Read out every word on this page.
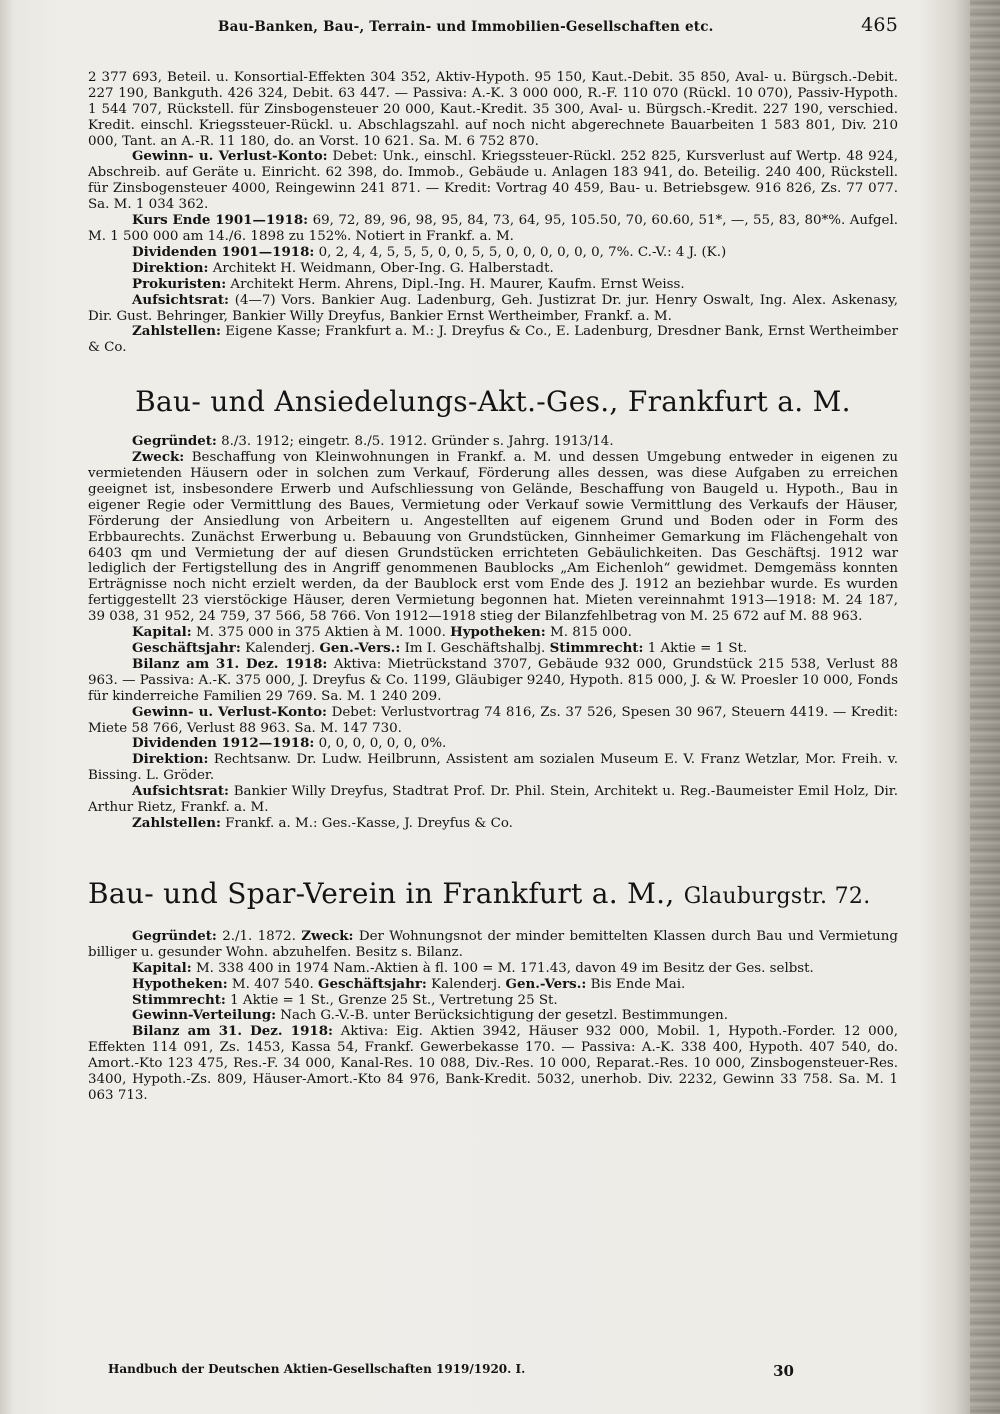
Bau-Banken, Bau-, Terrain- und Immobilien-Gesellschaften etc.	465

2 377 693, Beteil. u. Konsortial-Effekten 304 352, Aktiv-Hypoth. 95 150, Kaut.-Debit. 35 850, Aval- u. Bürgsch.-Debit. 227 190, Bankguth. 426 324, Debit. 63 447. — Passiva: A.-K. 3 000 000, R.-F. 110 070 (Rückl. 10 070), Passiv-Hypoth. 1 544 707, Rückstell. für Zinsbogensteuer 20 000, Kaut.-Kredit. 35 300, Aval- u. Bürgsch.-Kredit. 227 190, verschied. Kredit. einschl. Kriegssteuer-Rückl. u. Abschlagszahl. auf noch nicht abgerechnete Bauarbeiten 1 583 801, Div. 210 000, Tant. an A.-R. 11 180, do. an Vorst. 10 621. Sa. M. 6 752 870.

Gewinn- u. Verlust-Konto: Debet: Unk., einschl. Kriegssteuer-Rückl. 252 825, Kursverlust auf Wertp. 48 924, Abschreib. auf Geräte u. Einricht. 62 398, do. Immob., Gebäude u. Anlagen 183 941, do. Beteilig. 240 400, Rückstell. für Zinsbogensteuer 4000, Reingewinn 241 871. — Kredit: Vortrag 40 459, Bau- u. Betriebsgew. 916 826, Zs. 77 077. Sa. M. 1 034 362.

Kurs Ende 1901—1918: 69, 72, 89, 96, 98, 95, 84, 73, 64, 95, 105.50, 70, 60.60, 51*, —, 55, 83, 80*%. Aufgel. M. 1 500 000 am 14./6. 1898 zu 152%. Notiert in Frankf. a. M.

Dividenden 1901—1918: 0, 2, 4, 4, 5, 5, 5, 0, 0, 5, 5, 0, 0, 0, 0, 0, 0, 7%. C.-V.: 4 J. (K.)

Direktion: Architekt H. Weidmann, Ober-Ing. G. Halberstadt.

Prokuristen: Architekt Herm. Ahrens, Dipl.-Ing. H. Maurer, Kaufm. Ernst Weiss.

Aufsichtsrat: (4—7) Vors. Bankier Aug. Ladenburg, Geh. Justizrat Dr. jur. Henry Oswalt, Ing. Alex. Askenasy, Dir. Gust. Behringer, Bankier Willy Dreyfus, Bankier Ernst Wertheimber, Frankf. a. M.

Zahlstellen: Eigene Kasse; Frankfurt a. M.: J. Dreyfus & Co., E. Ladenburg, Dresdner Bank, Ernst Wertheimber & Co.

Bau- und Ansiedelungs-Akt.-Ges., Frankfurt a. M.

Gegründet: 8./3. 1912; eingetr. 8./5. 1912. Gründer s. Jahrg. 1913/14.

Zweck: Beschaffung von Kleinwohnungen in Frankf. a. M. und dessen Umgebung entweder in eigenen zu vermietenden Häusern oder in solchen zum Verkauf, Förderung alles dessen, was diese Aufgaben zu erreichen geeignet ist, insbesondere Erwerb und Aufschliessung von Gelände, Beschaffung von Baugeld u. Hypoth., Bau in eigener Regie oder Vermittlung des Baues, Vermietung oder Verkauf sowie Vermittlung des Verkaufs der Häuser, Förderung der Ansiedlung von Arbeitern u. Angestellten auf eigenem Grund und Boden oder in Form des Erbbaurechts. Zunächst Erwerbung u. Bebauung von Grundstücken, Ginnheimer Gemarkung im Flächengehalt von 6403 qm und Vermietung der auf diesen Grundstücken errichteten Gebäulichkeiten. Das Geschäftsj. 1912 war lediglich der Fertigstellung des in Angriff genommenen Baublocks „Am Eichenloh“ gewidmet. Demgemäss konnten Erträgnisse noch nicht erzielt werden, da der Baublock erst vom Ende des J. 1912 an beziehbar wurde. Es wurden fertiggestellt 23 vierstöckige Häuser, deren Vermietung begonnen hat. Mieten vereinnahmt 1913—1918: M. 24 187, 39 038, 31 952, 24 759, 37 566, 58 766. Von 1912—1918 stieg der Bilanzfehlbetrag von M. 25 672 auf M. 88 963.

Kapital: M. 375 000 in 375 Aktien à M. 1000. Hypotheken: M. 815 000.

Geschäftsjahr: Kalenderj. Gen.-Vers.: Im I. Geschäftshalbj. Stimmrecht: 1 Aktie = 1 St.

Bilanz am 31. Dez. 1918: Aktiva: Mietrückstand 3707, Gebäude 932 000, Grundstück 215 538, Verlust 88 963. — Passiva: A.-K. 375 000, J. Dreyfus & Co. 1199, Gläubiger 9240, Hypoth. 815 000, J. & W. Proesler 10 000, Fonds für kinderreiche Familien 29 769. Sa. M. 1 240 209.

Gewinn- u. Verlust-Konto: Debet: Verlustvortrag 74 816, Zs. 37 526, Spesen 30 967, Steuern 4419. — Kredit: Miete 58 766, Verlust 88 963. Sa. M. 147 730.

Dividenden 1912—1918: 0, 0, 0, 0, 0, 0, 0%.

Direktion: Rechtsanw. Dr. Ludw. Heilbrunn, Assistent am sozialen Museum E. V. Franz Wetzlar, Mor. Freih. v. Bissing. L. Gröder.

Aufsichtsrat: Bankier Willy Dreyfus, Stadtrat Prof. Dr. Phil. Stein, Architekt u. Reg.-Baumeister Emil Holz, Dir. Arthur Rietz, Frankf. a. M.

Zahlstellen: Frankf. a. M.: Ges.-Kasse, J. Dreyfus & Co.

Bau- und Spar-Verein in Frankfurt a. M., Glauburgstr. 72.

Gegründet: 2./1. 1872. Zweck: Der Wohnungsnot der minder bemittelten Klassen durch Bau und Vermietung billiger u. gesunder Wohn. abzuhelfen. Besitz s. Bilanz.

Kapital: M. 338 400 in 1974 Nam.-Aktien à fl. 100 = M. 171.43, davon 49 im Besitz der Ges. selbst.

Hypotheken: M. 407 540. Geschäftsjahr: Kalenderj. Gen.-Vers.: Bis Ende Mai.

Stimmrecht: 1 Aktie = 1 St., Grenze 25 St., Vertretung 25 St.

Gewinn-Verteilung: Nach G.-V.-B. unter Berücksichtigung der gesetzl. Bestimmungen.

Bilanz am 31. Dez. 1918: Aktiva: Eig. Aktien 3942, Häuser 932 000, Mobil. 1, Hypoth.-Forder. 12 000, Effekten 114 091, Zs. 1453, Kassa 54, Frankf. Gewerbekasse 170. — Passiva: A.-K. 338 400, Hypoth. 407 540, do. Amort.-Kto 123 475, Res.-F. 34 000, Kanal-Res. 10 088, Div.-Res. 10 000, Reparat.-Res. 10 000, Zinsbogensteuer-Res. 3400, Hypoth.-Zs. 809, Häuser-Amort.-Kto 84 976, Bank-Kredit. 5032, unerhob. Div. 2232, Gewinn 33 758. Sa. M. 1 063 713.

Handbuch der Deutschen Aktien-Gesellschaften 1919/1920. I.	30
